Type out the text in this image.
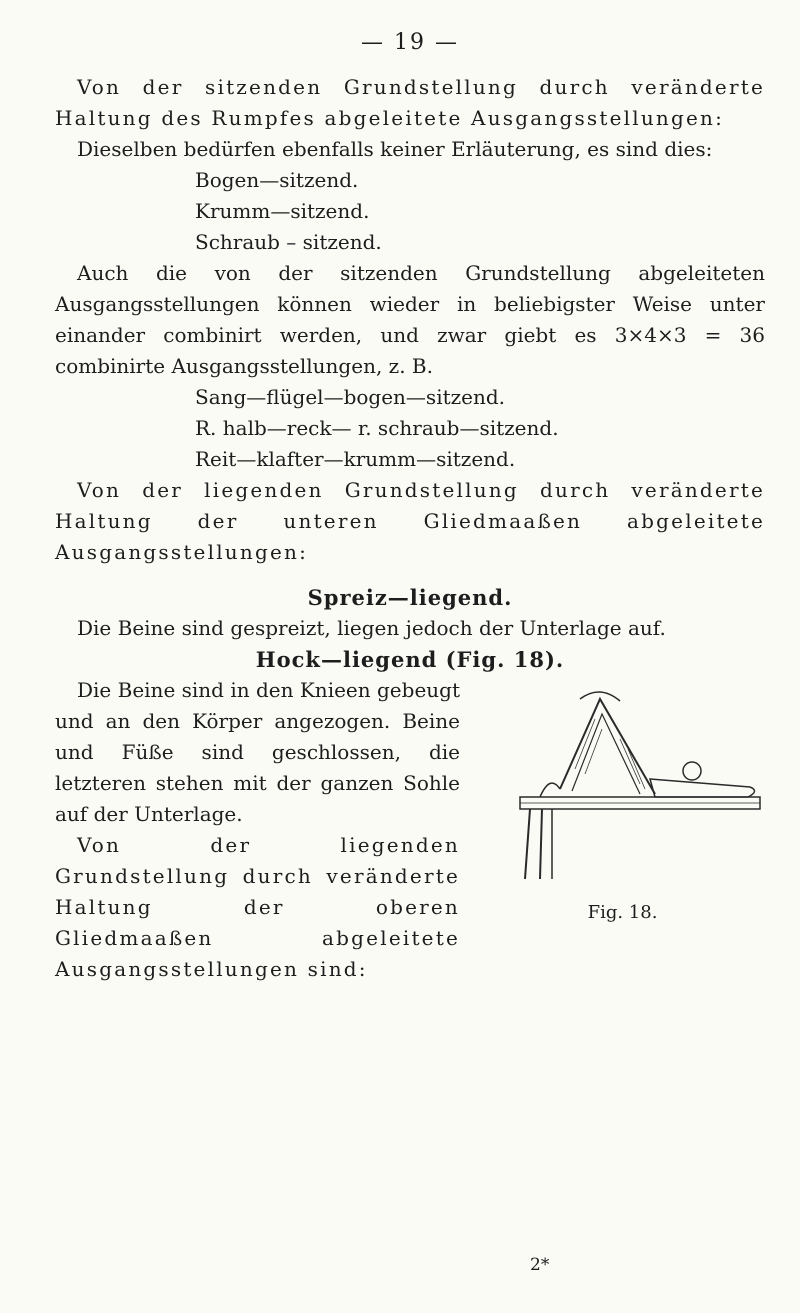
— 19 —

Von der sitzenden Grundstellung durch veränderte Haltung des Rumpfes abgeleitete Ausgangsstellungen:

Dieselben bedürfen ebenfalls keiner Erläuterung, es sind dies:

Bogen—sitzend.
Krumm—sitzend.
Schraub – sitzend.

Auch die von der sitzenden Grundstellung abgeleiteten Ausgangsstellungen können wieder in beliebigster Weise unter einander combinirt werden, und zwar giebt es 3×4×3 = 36 combinirte Ausgangsstellungen, z. B.

Sang—flügel—bogen—sitzend.
R. halb—reck— r. schraub—sitzend.
Reit—klafter—krumm—sitzend.

Von der liegenden Grundstellung durch veränderte Haltung der unteren Gliedmaaßen abgeleitete Ausgangsstellungen:

Spreiz—liegend.

Die Beine sind gespreizt, liegen jedoch der Unterlage auf.

Hock—liegend (Fig. 18).
Fig. 18.

Die Beine sind in den Knieen gebeugt und an den Körper angezogen. Beine und Füße sind geschlossen, die letzteren stehen mit der ganzen Sohle auf der Unterlage.

Von der liegenden Grundstellung durch veränderte Haltung der oberen Gliedmaaßen abgeleitete Ausgangsstellungen sind:

2*
